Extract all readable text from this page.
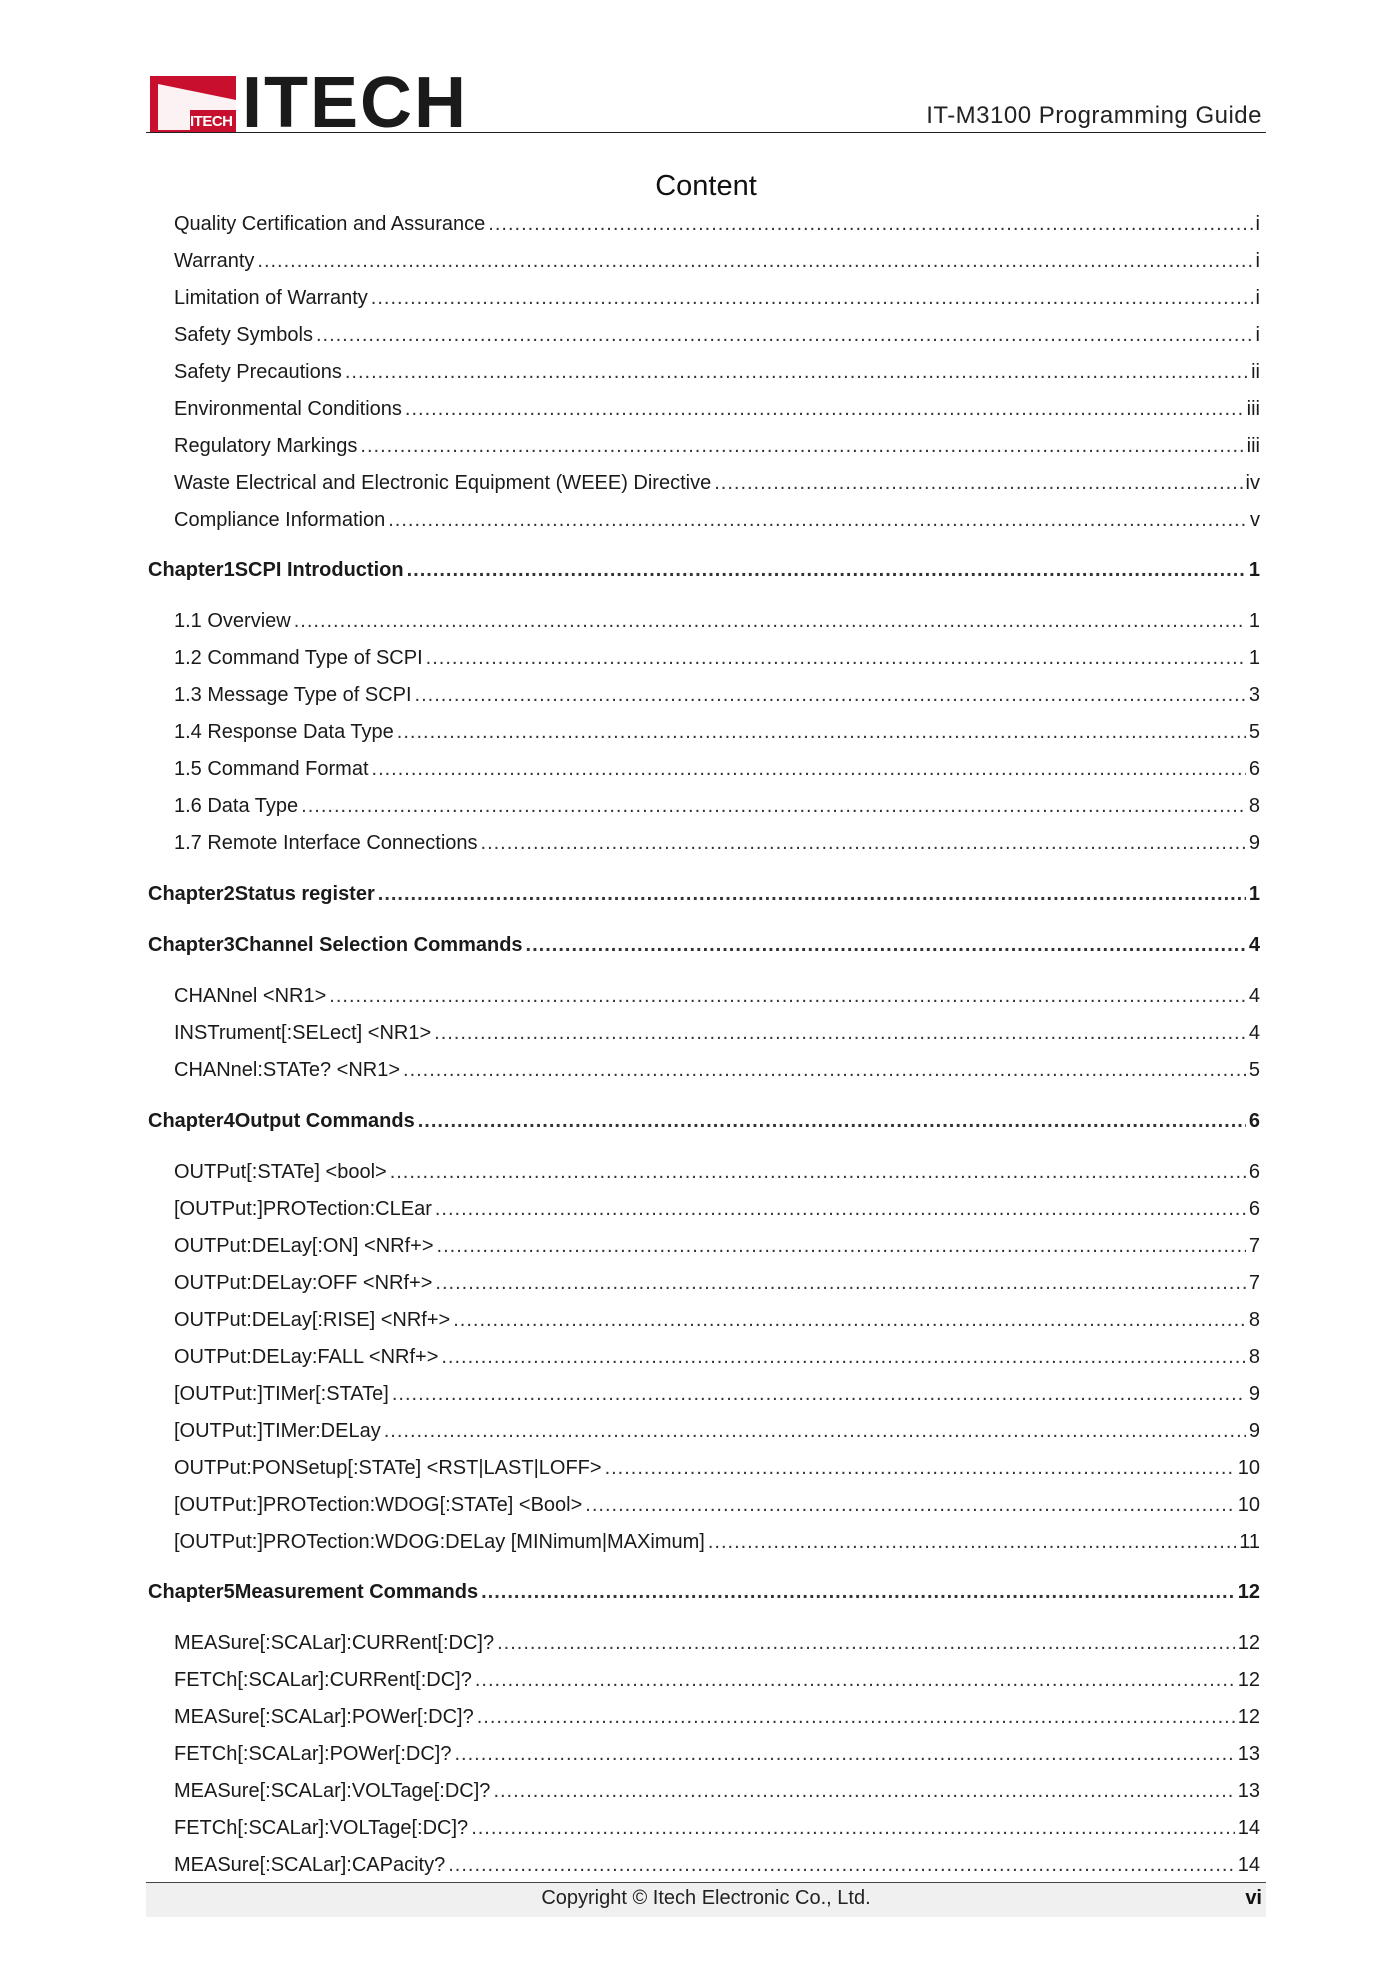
ITECH ITECH	IT-M3100 Programming Guide
Content
Quality Certification and Assurance .....	i
Warranty .....	i
Limitation of Warranty .....	i
Safety Symbols .....	i
Safety Precautions .....	ii
Environmental Conditions .....	iii
Regulatory Markings .....	iii
Waste Electrical and Electronic Equipment (WEEE) Directive .....	iv
Compliance Information .....	v
Chapter1 SCPI Introduction .....	1
1.1 Overview .....	1
1.2 Command Type of SCPI .....	1
1.3 Message Type of SCPI .....	3
1.4 Response Data Type .....	5
1.5 Command Format .....	6
1.6 Data Type .....	8
1.7 Remote Interface Connections .....	9
Chapter2 Status register .....	1
Chapter3 Channel Selection Commands .....	4
CHANnel <NR1> .....	4
INSTrument[:SELect] <NR1> .....	4
CHANnel:STATe? <NR1> .....	5
Chapter4 Output Commands .....	6
OUTPut[:STATe] <bool> .....	6
[OUTPut:]PROTection:CLEar .....	6
OUTPut:DELay[:ON] <NRf+> .....	7
OUTPut:DELay:OFF <NRf+> .....	7
OUTPut:DELay[:RISE] <NRf+> .....	8
OUTPut:DELay:FALL <NRf+> .....	8
[OUTPut:]TIMer[:STATe] .....	9
[OUTPut:]TIMer:DELay .....	9
OUTPut:PONSetup[:STATe] <RST|LAST|LOFF> .....	10
[OUTPut:]PROTection:WDOG[:STATe] <Bool> .....	10
[OUTPut:]PROTection:WDOG:DELay [MINimum|MAXimum] .....	11
Chapter5 Measurement Commands .....	12
MEASure[:SCALar]:CURRent[:DC]? .....	12
FETCh[:SCALar]:CURRent[:DC]? .....	12
MEASure[:SCALar]:POWer[:DC]? .....	12
FETCh[:SCALar]:POWer[:DC]? .....	13
MEASure[:SCALar]:VOLTage[:DC]? .....	13
FETCh[:SCALar]:VOLTage[:DC]? .....	14
MEASure[:SCALar]:CAPacity? .....	14
Copyright © Itech Electronic Co., Ltd.	vi
